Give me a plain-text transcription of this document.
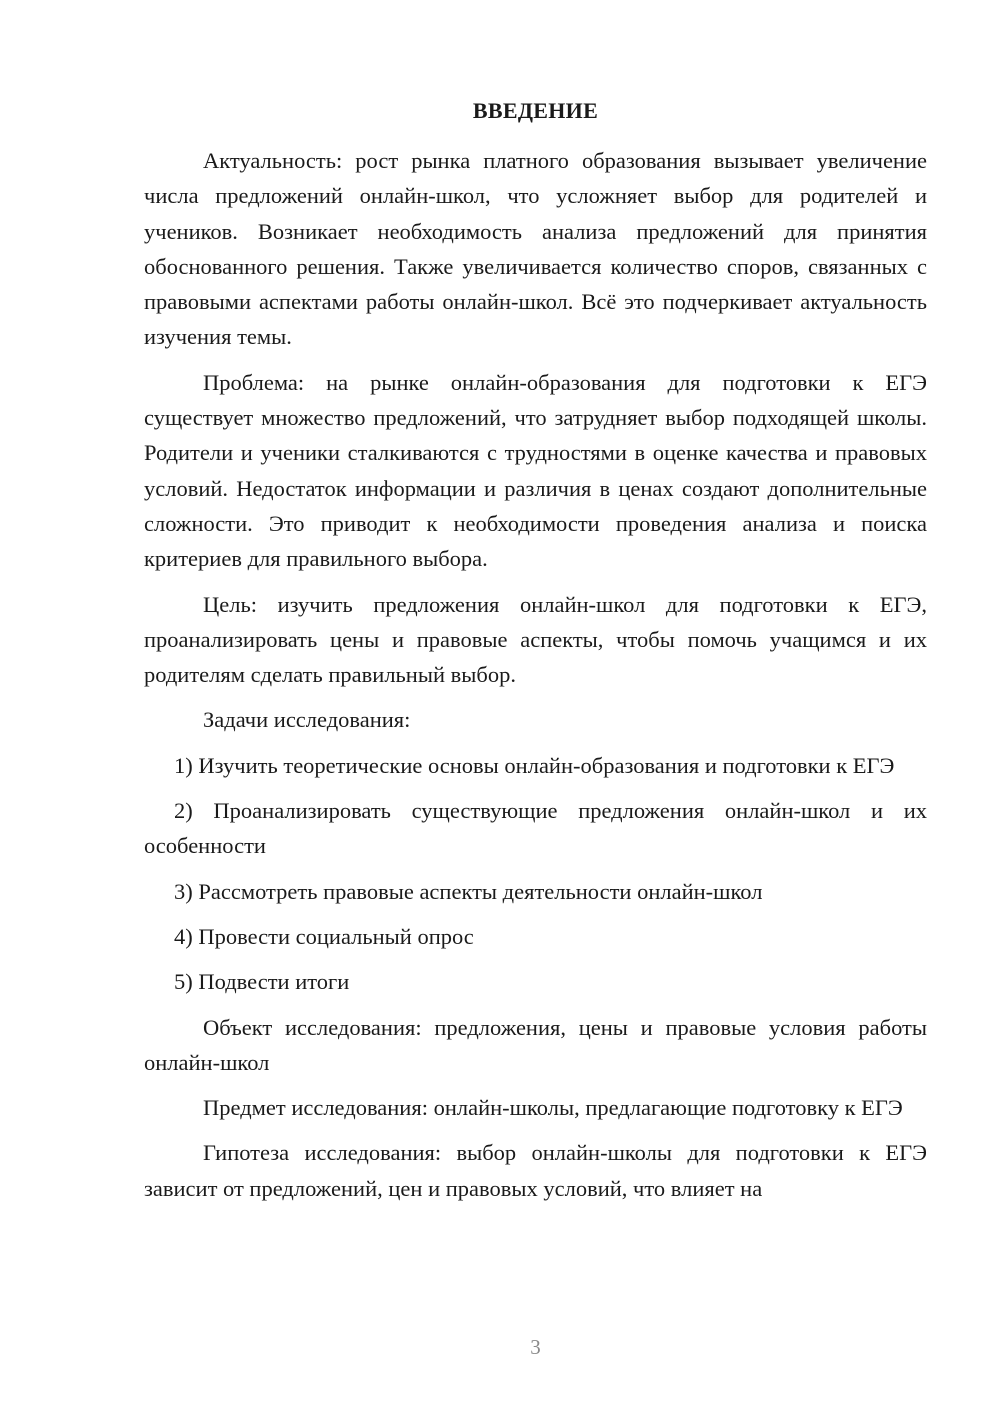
ВВЕДЕНИЕ

Актуальность: рост рынка платного образования вызывает увеличение числа предложений онлайн-школ, что усложняет выбор для родителей и учеников. Возникает необходимость анализа предложений для принятия обоснованного решения. Также увеличивается количество споров, связанных с правовыми аспектами работы онлайн-школ. Всё это подчеркивает актуальность изучения темы.

Проблема: на рынке онлайн-образования для подготовки к ЕГЭ существует множество предложений, что затрудняет выбор подходящей школы. Родители и ученики сталкиваются с трудностями в оценке качества и правовых условий. Недостаток информации и различия в ценах создают дополнительные сложности. Это приводит к необходимости проведения анализа и поиска критериев для правильного выбора.

Цель: изучить предложения онлайн-школ для подготовки к ЕГЭ, проанализировать цены и правовые аспекты, чтобы помочь учащимся и их родителям сделать правильный выбор.

Задачи исследования:

1) Изучить теоретические основы онлайн-образования и подготовки к ЕГЭ

2) Проанализировать существующие предложения онлайн-школ и их особенности

3) Рассмотреть правовые аспекты деятельности онлайн-школ

4) Провести социальный опрос

5) Подвести итоги

Объект исследования: предложения, цены и правовые условия работы онлайн-школ

Предмет исследования: онлайн-школы, предлагающие подготовку к ЕГЭ

Гипотеза исследования: выбор онлайн-школы для подготовки к ЕГЭ зависит от предложений, цен и правовых условий, что влияет на

3
